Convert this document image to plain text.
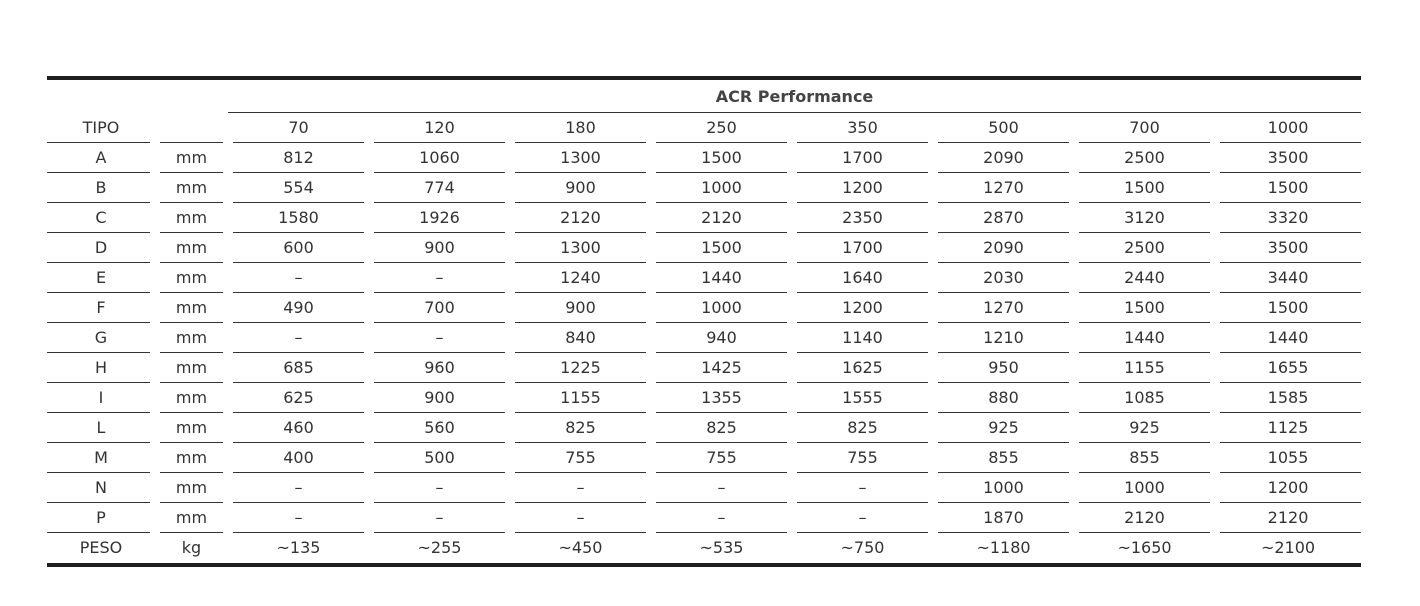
		ACR Performance							
TIPO		70	120	180	250	350	500	700	1000
A	mm	812	1060	1300	1500	1700	2090	2500	3500
B	mm	554	774	900	1000	1200	1270	1500	1500
C	mm	1580	1926	2120	2120	2350	2870	3120	3320
D	mm	600	900	1300	1500	1700	2090	2500	3500
E	mm	–	–	1240	1440	1640	2030	2440	3440
F	mm	490	700	900	1000	1200	1270	1500	1500
G	mm	–	–	840	940	1140	1210	1440	1440
H	mm	685	960	1225	1425	1625	950	1155	1655
I	mm	625	900	1155	1355	1555	880	1085	1585
L	mm	460	560	825	825	825	925	925	1125
M	mm	400	500	755	755	755	855	855	1055
N	mm	–	–	–	–	–	1000	1000	1200
P	mm	–	–	–	–	–	1870	2120	2120
PESO	kg	~135	~255	~450	~535	~750	~1180	~1650	~2100
